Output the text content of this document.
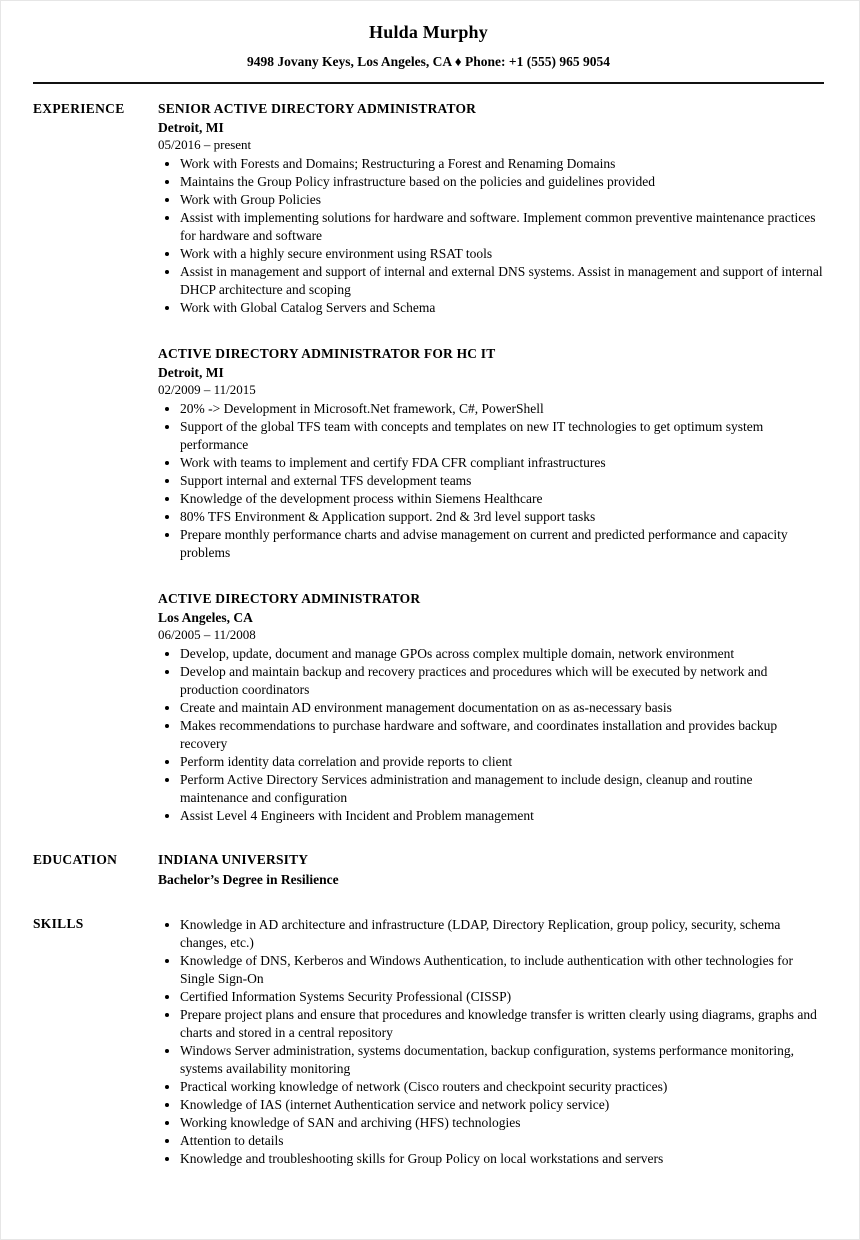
Hulda Murphy
9498 Jovany Keys, Los Angeles, CA ♦ Phone: +1 (555) 965 9054
EXPERIENCE	SENIOR ACTIVE DIRECTORY ADMINISTRATOR
Detroit, MI
05/2016 – present
• Work with Forests and Domains; Restructuring a Forest and Renaming Domains
• Maintains the Group Policy infrastructure based on the policies and guidelines provided
• Work with Group Policies
• Assist with implementing solutions for hardware and software. Implement common preventive maintenance practices for hardware and software
• Work with a highly secure environment using RSAT tools
• Assist in management and support of internal and external DNS systems. Assist in management and support of internal DHCP architecture and scoping
• Work with Global Catalog Servers and Schema
ACTIVE DIRECTORY ADMINISTRATOR FOR HC IT
Detroit, MI
02/2009 – 11/2015
• 20% -> Development in Microsoft.Net framework, C#, PowerShell
• Support of the global TFS team with concepts and templates on new IT technologies to get optimum system performance
• Work with teams to implement and certify FDA CFR compliant infrastructures
• Support internal and external TFS development teams
• Knowledge of the development process within Siemens Healthcare
• 80% TFS Environment & Application support. 2nd & 3rd level support tasks
• Prepare monthly performance charts and advise management on current and predicted performance and capacity problems
ACTIVE DIRECTORY ADMINISTRATOR
Los Angeles, CA
06/2005 – 11/2008
• Develop, update, document and manage GPOs across complex multiple domain, network environment
• Develop and maintain backup and recovery practices and procedures which will be executed by network and production coordinators
• Create and maintain AD environment management documentation on as as-necessary basis
• Makes recommendations to purchase hardware and software, and coordinates installation and provides backup recovery
• Perform identity data correlation and provide reports to client
• Perform Active Directory Services administration and management to include design, cleanup and routine maintenance and configuration
• Assist Level 4 Engineers with Incident and Problem management
EDUCATION	INDIANA UNIVERSITY
Bachelor’s Degree in Resilience
SKILLS	• Knowledge in AD architecture and infrastructure (LDAP, Directory Replication, group policy, security, schema changes, etc.)
• Knowledge of DNS, Kerberos and Windows Authentication, to include authentication with other technologies for Single Sign-On
• Certified Information Systems Security Professional (CISSP)
• Prepare project plans and ensure that procedures and knowledge transfer is written clearly using diagrams, graphs and charts and stored in a central repository
• Windows Server administration, systems documentation, backup configuration, systems performance monitoring, systems availability monitoring
• Practical working knowledge of network (Cisco routers and checkpoint security practices)
• Knowledge of IAS (internet Authentication service and network policy service)
• Working knowledge of SAN and archiving (HFS) technologies
• Attention to details
• Knowledge and troubleshooting skills for Group Policy on local workstations and servers
